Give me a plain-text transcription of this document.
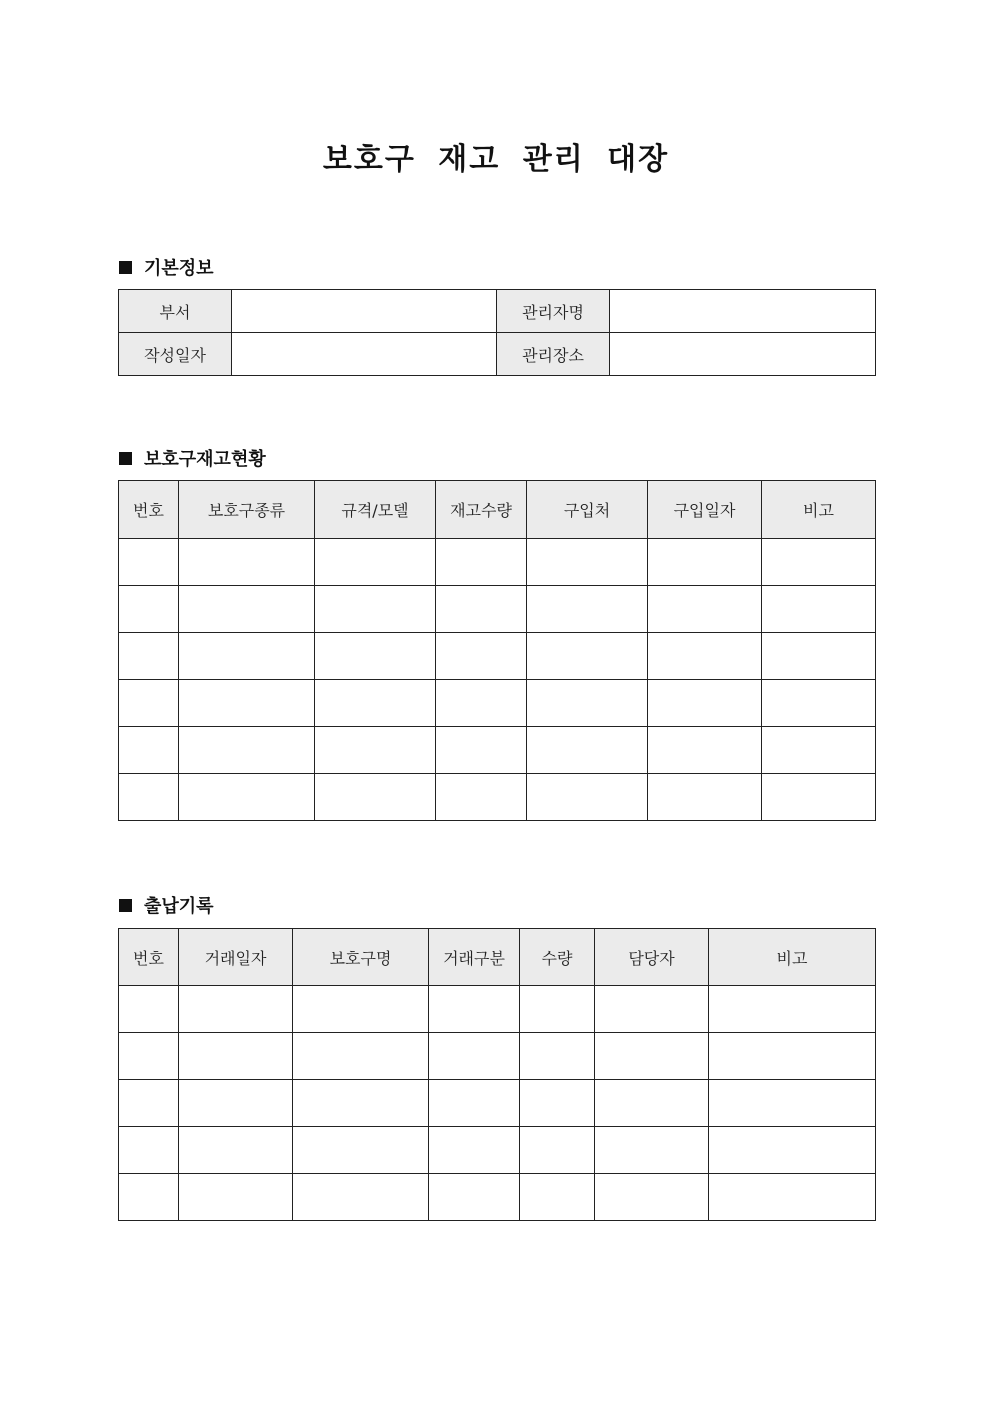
보호구 재고 관리 대장
기본정보
부서		관리자명	
작성일자		관리장소	
보호구재고현황
번호	보호구종류	규격/모델	재고수량	구입처	구입일자	비고

출납기록
번호	거래일자	보호구명	거래구분	수량	담당자	비고
